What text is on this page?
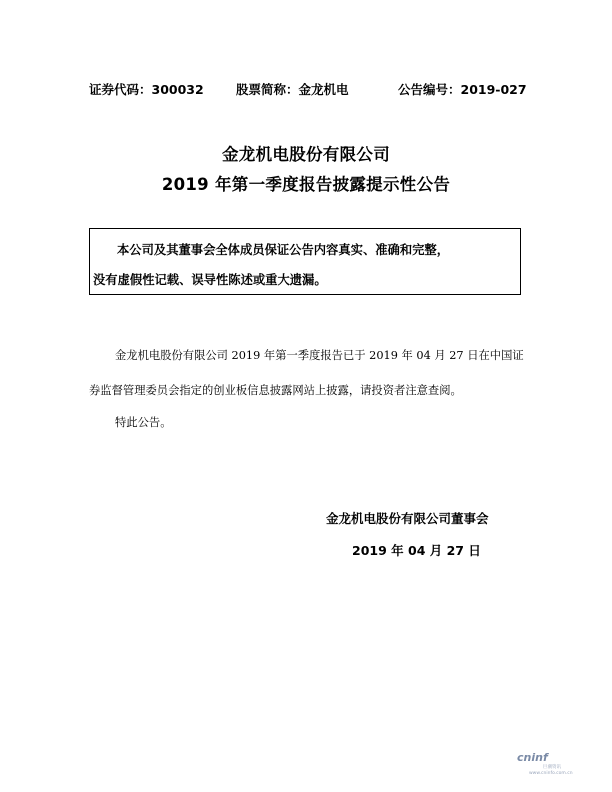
证券代码：300032	股票简称：金龙机电	公告编号：2019-027
金龙机电股份有限公司
2019 年第一季度报告披露提示性公告
本公司及其董事会全体成员保证公告内容真实、准确和完整，
没有虚假性记载、误导性陈述或重大遗漏。
金龙机电股份有限公司 2019 年第一季度报告已于 2019 年 04 月 27 日在中国证
券监督管理委员会指定的创业板信息披露网站上披露，请投资者注意查阅。
特此公告。
金龙机电股份有限公司董事会
2019 年 04 月 27 日
cninf
巨潮资讯
www.cninfo.com.cn
